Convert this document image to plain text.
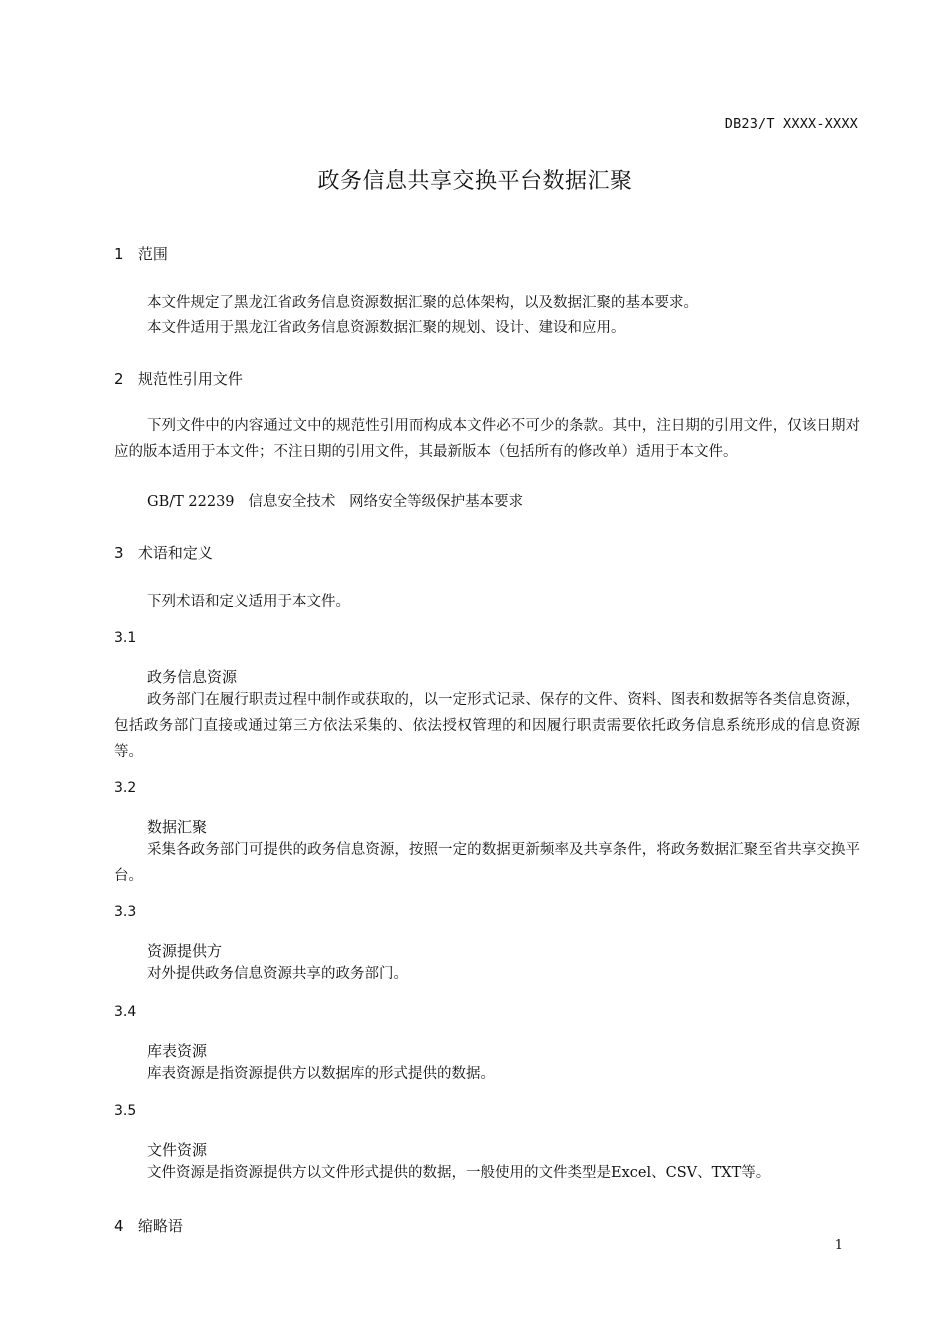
DB23/T XXXX-XXXX
政务信息共享交换平台数据汇聚
1   范围
本文件规定了黑龙江省政务信息资源数据汇聚的总体架构，以及数据汇聚的基本要求。
本文件适用于黑龙江省政务信息资源数据汇聚的规划、设计、建设和应用。
2   规范性引用文件
下列文件中的内容通过文中的规范性引用而构成本文件必不可少的条款。其中，注日期的引用文件，仅该日期对应的版本适用于本文件；不注日期的引用文件，其最新版本（包括所有的修改单）适用于本文件。
GB/T 22239   信息安全技术   网络安全等级保护基本要求
3   术语和定义
下列术语和定义适用于本文件。
3.1
政务信息资源
政务部门在履行职责过程中制作或获取的，以一定形式记录、保存的文件、资料、图表和数据等各类信息资源，包括政务部门直接或通过第三方依法采集的、依法授权管理的和因履行职责需要依托政务信息系统形成的信息资源等。
3.2
数据汇聚
采集各政务部门可提供的政务信息资源，按照一定的数据更新频率及共享条件，将政务数据汇聚至省共享交换平台。
3.3
资源提供方
对外提供政务信息资源共享的政务部门。
3.4
库表资源
库表资源是指资源提供方以数据库的形式提供的数据。
3.5
文件资源
文件资源是指资源提供方以文件形式提供的数据，一般使用的文件类型是Excel、CSV、TXT等。
4   缩略语
1
